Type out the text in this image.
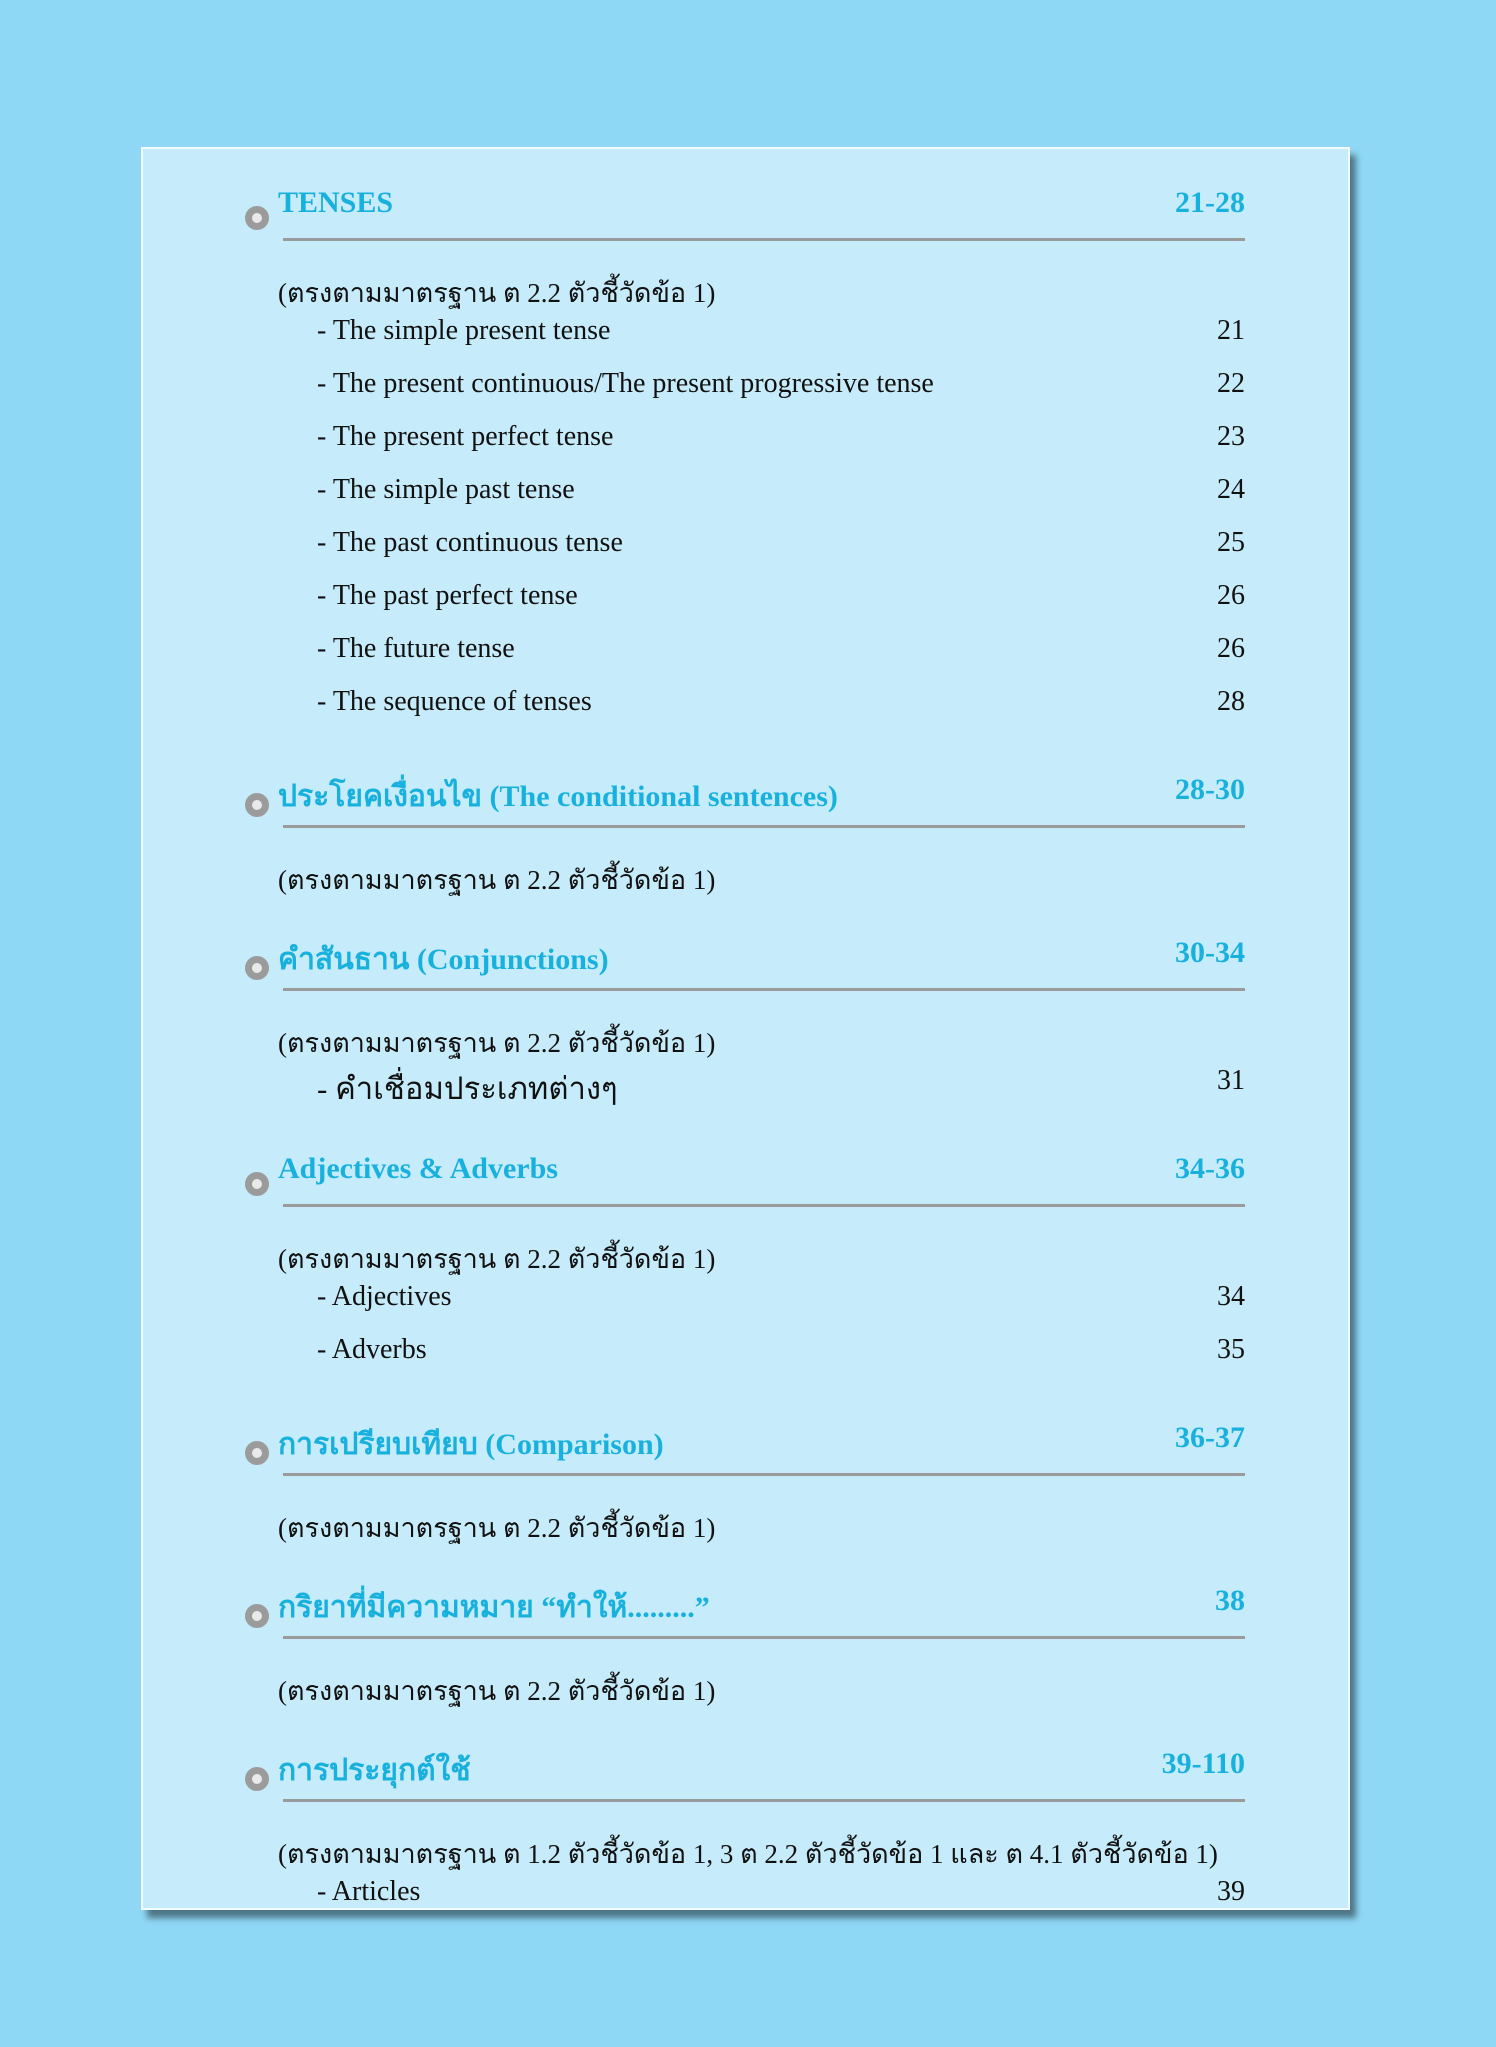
TENSES	21-28
(ตรงตามมาตรฐาน ต 2.2 ตัวชี้วัดข้อ 1)
- The simple present tense	21
- The present continuous/The present progressive tense	22
- The present perfect tense	23
- The simple past tense	24
- The past continuous tense	25
- The past perfect tense	26
- The future tense	26
- The sequence of tenses	28
ประโยคเงื่อนไข (The conditional sentences)	28-30
(ตรงตามมาตรฐาน ต 2.2 ตัวชี้วัดข้อ 1)
คำสันธาน (Conjunctions)	30-34
(ตรงตามมาตรฐาน ต 2.2 ตัวชี้วัดข้อ 1)
- คำเชื่อมประเภทต่างๆ	31
Adjectives & Adverbs	34-36
(ตรงตามมาตรฐาน ต 2.2 ตัวชี้วัดข้อ 1)
- Adjectives	34
- Adverbs	35
การเปรียบเทียบ (Comparison)	36-37
(ตรงตามมาตรฐาน ต 2.2 ตัวชี้วัดข้อ 1)
กริยาที่มีความหมาย “ทำให้.........”	38
(ตรงตามมาตรฐาน ต 2.2 ตัวชี้วัดข้อ 1)
การประยุกต์ใช้	39-110
(ตรงตามมาตรฐาน ต 1.2 ตัวชี้วัดข้อ 1, 3 ต 2.2 ตัวชี้วัดข้อ 1 และ ต 4.1 ตัวชี้วัดข้อ 1)
- Articles	39
